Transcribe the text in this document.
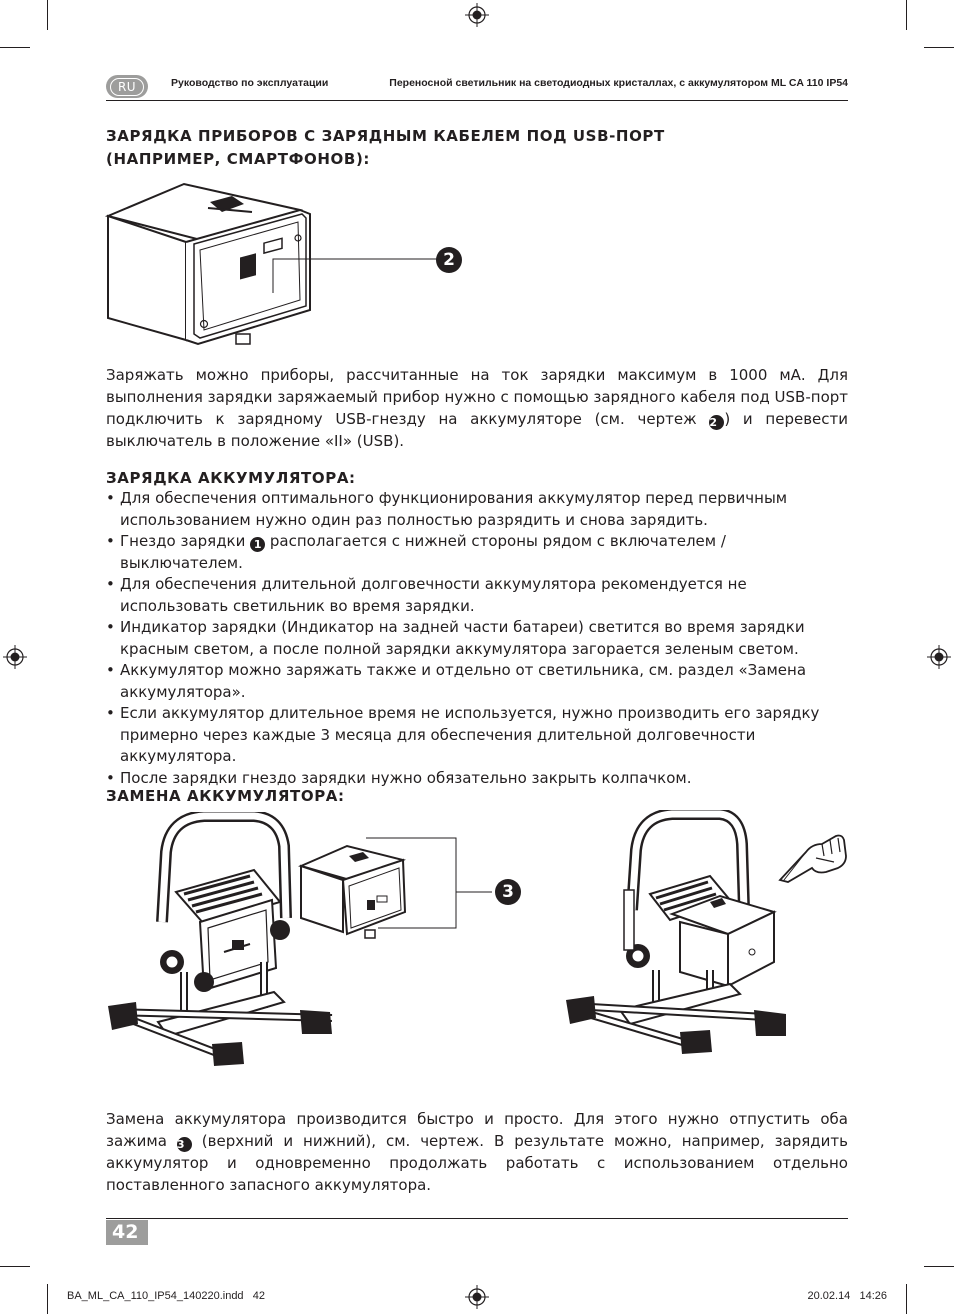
RU	Руководство по эксплуатации	Переносной светильник на светодиодных кристаллах, с аккумулятором ML CA 110 IP54
ЗАРЯДКА ПРИБОРОВ С ЗАРЯДНЫМ КАБЕЛЕМ ПОД USB-ПОРТ
(НАПРИМЕР, СМАРТФОНОВ):
2
Заряжать можно приборы, рассчитанные на ток зарядки максимум в 1000 мА. Для выполнения зарядки заряжаемый прибор нужно с помощью зарядного кабеля под USB-порт подключить к зарядному USB-гнезду на аккумуляторе (см. чертеж 2 ) и перевести выключатель в положение «II» (USB).
ЗАРЯДКА АККУМУЛЯТОРА:
• Для обеспечения оптимального функционирования аккумулятор перед первичным использованием нужно один раз полностью разрядить и снова зарядить.
• Гнездо зарядки 1 располагается с нижней стороны рядом с включателем / выключателем.
• Для обеспечения длительной долговечности аккумулятора рекомендуется не использовать светильник во время зарядки.
• Индикатор зарядки (Индикатор на задней части батареи) светится во время зарядки красным светом, а после полной зарядки аккумулятора загорается зеленым светом.
• Аккумулятор можно заряжать также и отдельно от светильника, см. раздел «Замена аккумулятора».
• Если аккумулятор длительное время не используется, нужно производить его зарядку примерно через каждые 3 месяца для обеспечения длительной долговечности аккумулятора.
• После зарядки гнездо зарядки нужно обязательно закрыть колпачком.
ЗАМЕНА АККУМУЛЯТОРА:
3
Замена аккумулятора производится быстро и просто. Для этого нужно отпустить оба зажима 3 (верхний и нижний), см. чертеж. В результате можно, например, зарядить аккумулятор и одновременно продолжать работать с использованием отдельно поставленного запасного аккумулятора.
42
BA_ML_CA_110_IP54_140220.indd   42	20.02.14   14:26
